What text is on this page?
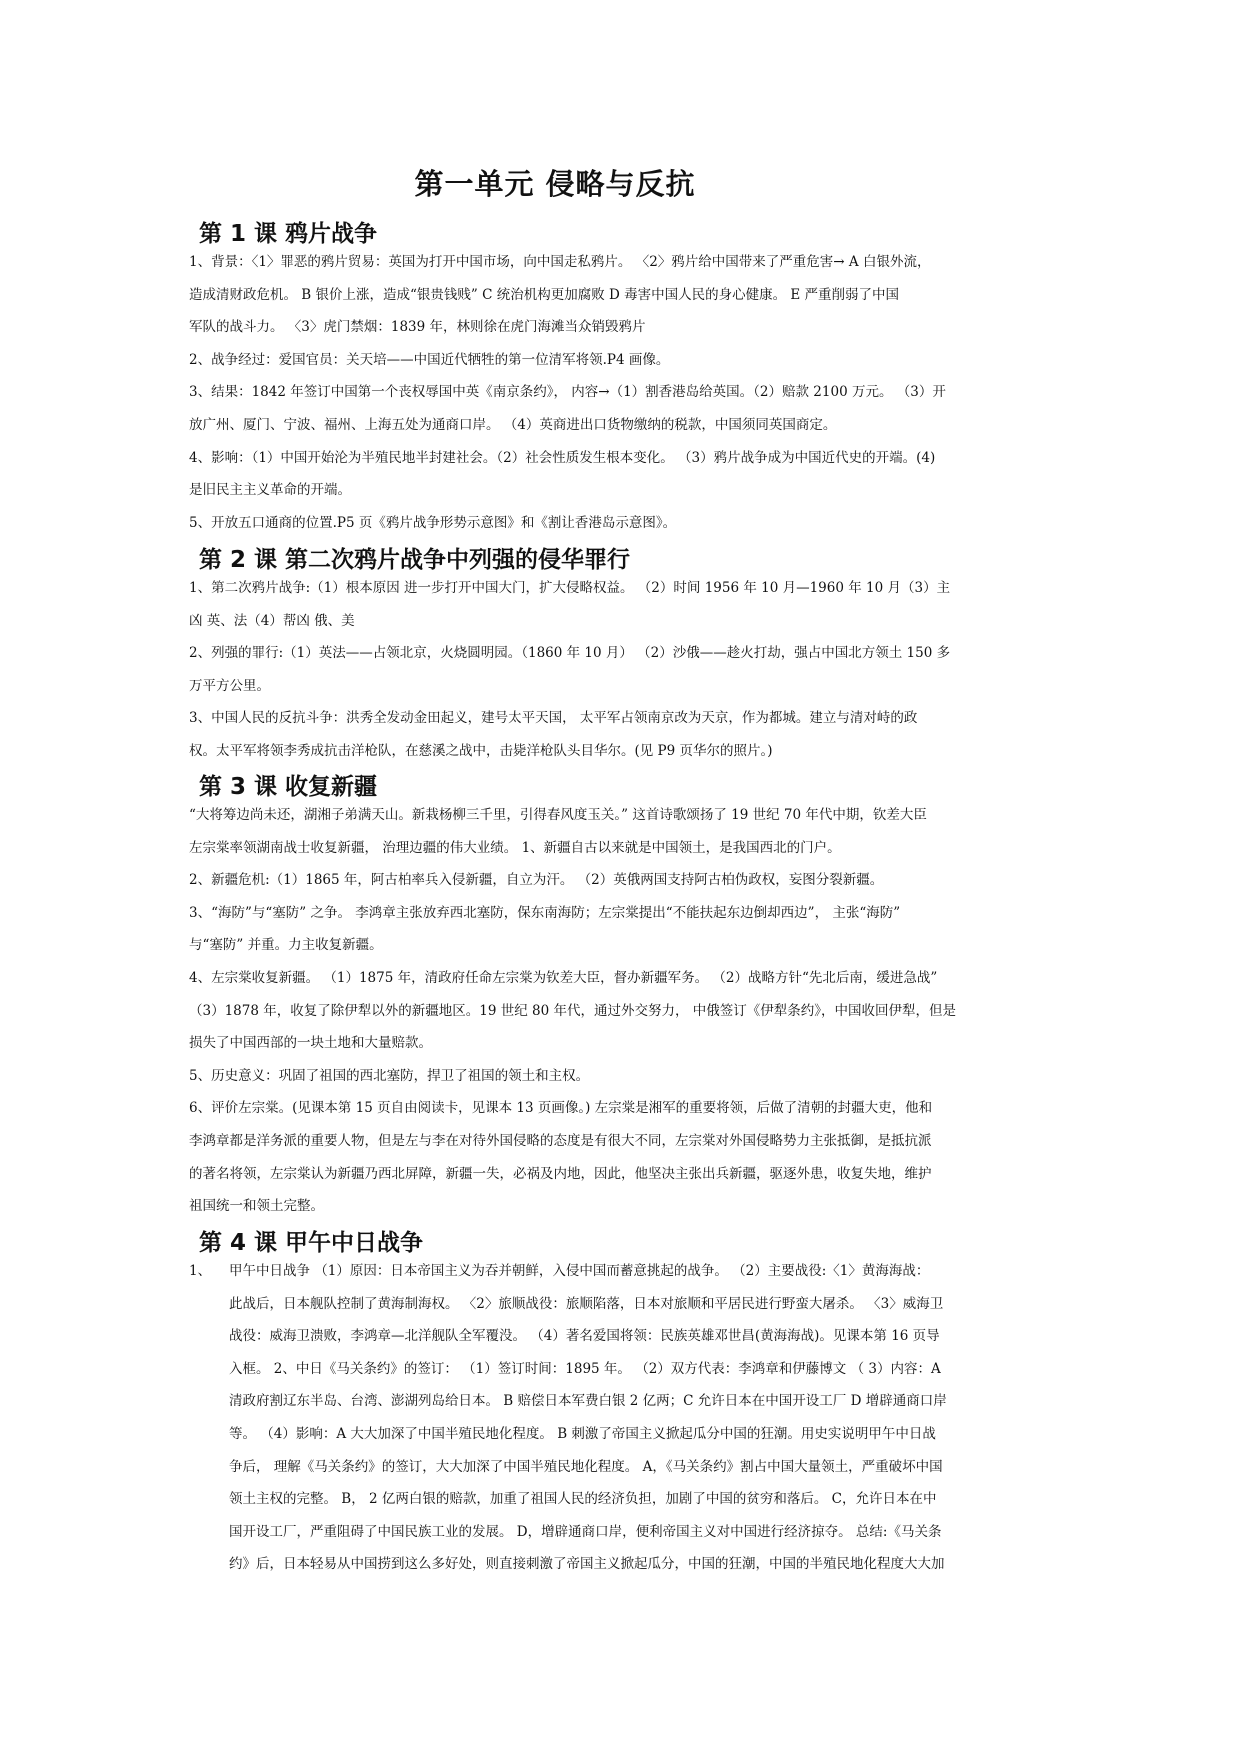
第一单元 侵略与反抗
第 1 课 鸦片战争
1、背景：〈1〉罪恶的鸦片贸易：英国为打开中国市场，向中国走私鸦片。 〈2〉鸦片给中国带来了严重危害→ A 白银外流，
造成清财政危机。 B 银价上涨，造成“银贵钱贱” C 统治机构更加腐败 D 毒害中国人民的身心健康。 E 严重削弱了中国
军队的战斗力。 〈3〉虎门禁烟：1839 年，林则徐在虎门海滩当众销毁鸦片
2、战争经过：爱国官员：关天培——中国近代牺牲的第一位清军将领.P4 画像。
3、结果：1842 年签订中国第一个丧权辱国中英《南京条约》， 内容→（1）割香港岛给英国。（2）赔款 2100 万元。 （3）开
放广州、厦门、宁波、福州、上海五处为通商口岸。 （4）英商进出口货物缴纳的税款，中国须同英国商定。
4、影响：（1）中国开始沦为半殖民地半封建社会。（2）社会性质发生根本变化。 （3）鸦片战争成为中国近代史的开端。(4)
是旧民主主义革命的开端。
5、开放五口通商的位置.P5 页《鸦片战争形势示意图》和《割让香港岛示意图》。
第 2 课 第二次鸦片战争中列强的侵华罪行
1、第二次鸦片战争:（1）根本原因 进一步打开中国大门，扩大侵略权益。 （2）时间 1956 年 10 月—1960 年 10 月（3）主
凶 英、法（4）帮凶 俄、美
2、列强的罪行:（1）英法——占领北京，火烧圆明园。（1860 年 10 月） （2）沙俄——趁火打劫，强占中国北方领土 150 多
万平方公里。
3、中国人民的反抗斗争：洪秀全发动金田起义，建号太平天国， 太平军占领南京改为天京，作为都城。建立与清对峙的政
权。太平军将领李秀成抗击洋枪队，在慈溪之战中，击毙洋枪队头目华尔。(见 P9 页华尔的照片。)
第 3 课 收复新疆
“大将筹边尚未还，湖湘子弟满天山。新栽杨柳三千里，引得春风度玉关。” 这首诗歌颂扬了 19 世纪 70 年代中期，钦差大臣
左宗棠率领湖南战士收复新疆， 治理边疆的伟大业绩。 1、新疆自古以来就是中国领土，是我国西北的门户。
2、新疆危机:（1）1865 年，阿古柏率兵入侵新疆，自立为汗。 （2）英俄两国支持阿古柏伪政权，妄图分裂新疆。
3、“海防”与“塞防” 之争。 李鸿章主张放弃西北塞防，保东南海防；左宗棠提出“不能扶起东边倒却西边”， 主张“海防”
与“塞防” 并重。力主收复新疆。
4、左宗棠收复新疆。 （1）1875 年，清政府任命左宗棠为钦差大臣，督办新疆军务。 （2）战略方针“先北后南，缓进急战”
（3）1878 年，收复了除伊犁以外的新疆地区。19 世纪 80 年代，通过外交努力， 中俄签订《伊犁条约》，中国收回伊犁，但是
损失了中国西部的一块土地和大量赔款。
5、历史意义：巩固了祖国的西北塞防，捍卫了祖国的领土和主权。
6、评价左宗棠。(见课本第 15 页自由阅读卡，见课本 13 页画像。) 左宗棠是湘军的重要将领，后做了清朝的封疆大吏，他和
李鸿章都是洋务派的重要人物，但是左与李在对待外国侵略的态度是有很大不同，左宗棠对外国侵略势力主张抵御，是抵抗派
的著名将领，左宗棠认为新疆乃西北屏障，新疆一失，必祸及内地，因此，他坚决主张出兵新疆，驱逐外患，收复失地，维护
祖国统一和领土完整。
第 4 课 甲午中日战争
1、 甲午中日战争 （1）原因：日本帝国主义为吞并朝鲜，入侵中国而蓄意挑起的战争。 （2）主要战役:〈1〉黄海海战：
此战后，日本舰队控制了黄海制海权。 〈2〉旅顺战役：旅顺陷落，日本对旅顺和平居民进行野蛮大屠杀。 〈3〉威海卫
战役：威海卫溃败，李鸿章—北洋舰队全军覆没。 （4）著名爱国将领：民族英雄邓世昌(黄海海战)。见课本第 16 页导
入框。 2、中日《马关条约》的签订： （1）签订时间：1895 年。 （2）双方代表：李鸿章和伊藤博文 （ 3）内容：A
清政府割辽东半岛、台湾、澎湖列岛给日本。 B 赔偿日本军费白银 2 亿两；C 允许日本在中国开设工厂 D 增辟通商口岸
等。 （4）影响：A 大大加深了中国半殖民地化程度。 B 刺激了帝国主义掀起瓜分中国的狂潮。用史实说明甲午中日战
争后， 理解《马关条约》的签订，大大加深了中国半殖民地化程度。 A，《马关条约》割占中国大量领土，严重破坏中国
领土主权的完整。 B， 2 亿两白银的赔款，加重了祖国人民的经济负担，加剧了中国的贫穷和落后。 C，允许日本在中
国开设工厂，严重阻碍了中国民族工业的发展。 D，增辟通商口岸，便利帝国主义对中国进行经济掠夺。 总结:《马关条
约》后，日本轻易从中国捞到这么多好处，则直接刺激了帝国主义掀起瓜分，中国的狂潮，中国的半殖民地化程度大大加
